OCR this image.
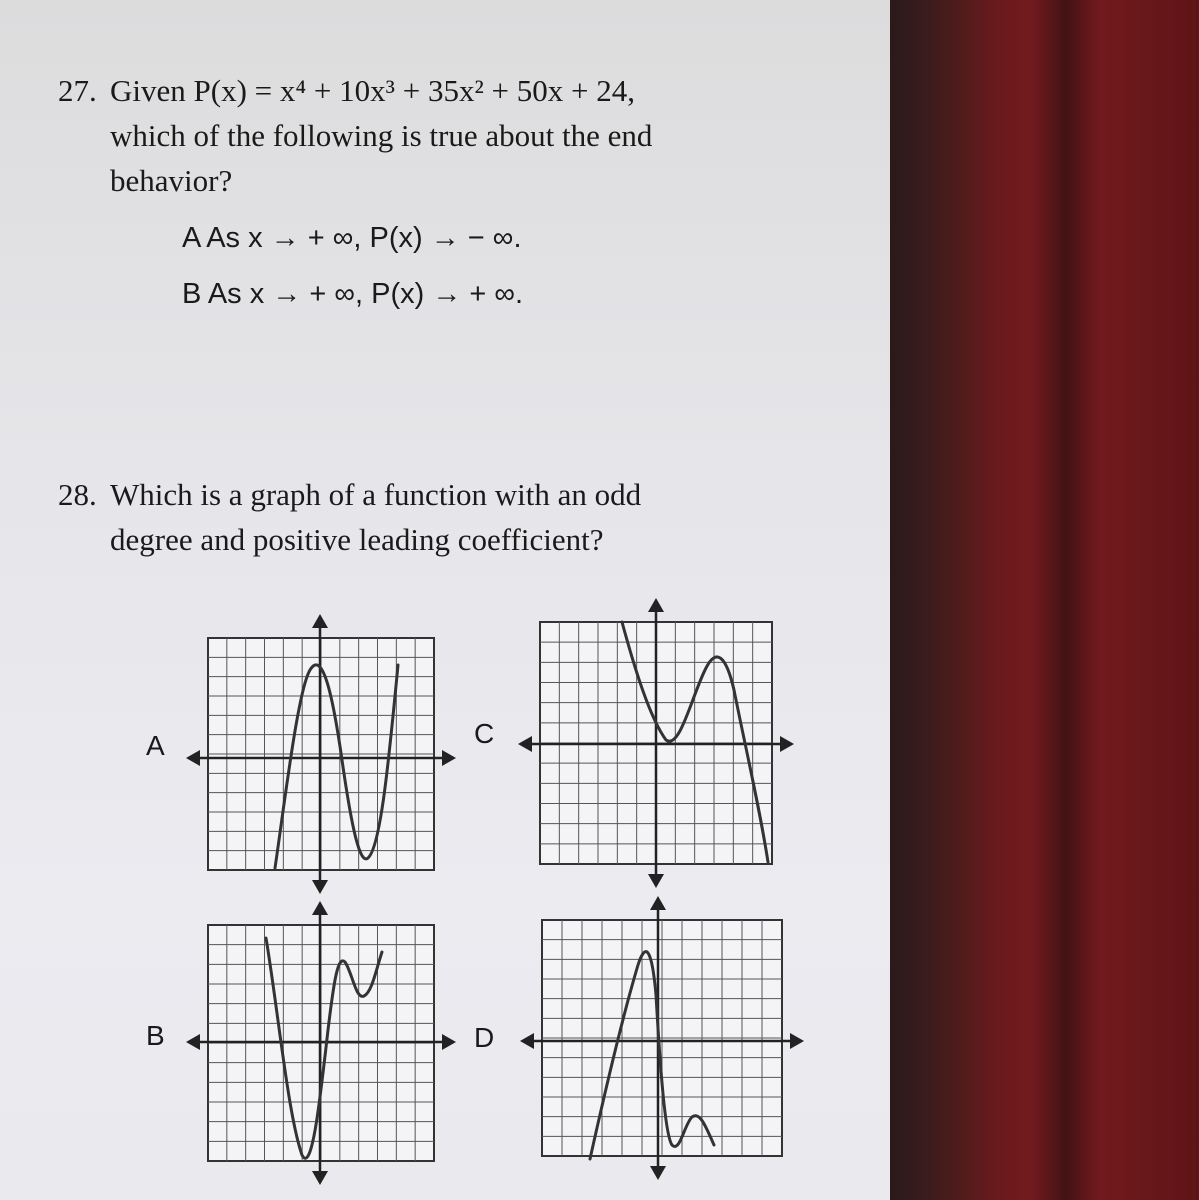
27. Given P(x) = x⁴ + 10x³ + 35x² + 50x + 24,
which of the following is true about the end
behavior?
A As x → + ∞, P(x) → − ∞.
B As x → + ∞, P(x) → + ∞.
28. Which is a graph of a function with an odd
degree and positive leading coefficient?
A	C
B	D
